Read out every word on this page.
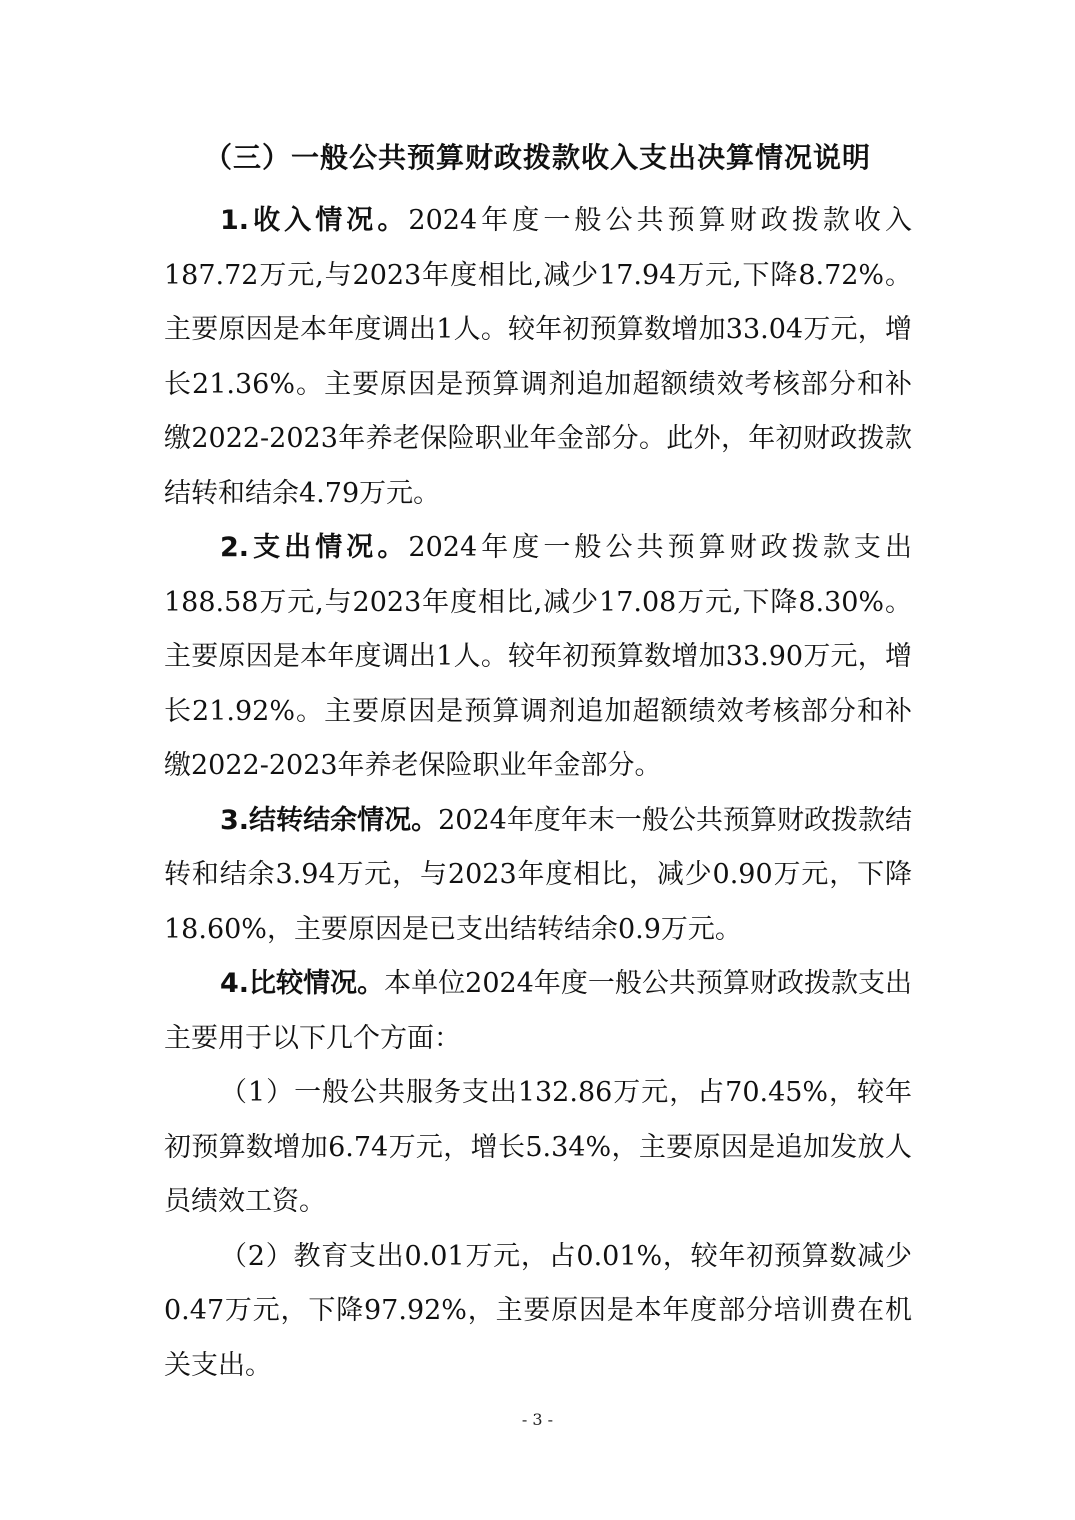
（三）一般公共预算财政拨款收入支出决算情况说明

1.收入情况。2024年度一般公共预算财政拨款收入187.72万元,与2023年度相比,减少17.94万元,下降8.72%。主要原因是本年度调出1人。较年初预算数增加33.04万元，增长21.36%。主要原因是预算调剂追加超额绩效考核部分和补缴2022-2023年养老保险职业年金部分。此外，年初财政拨款结转和结余4.79万元。

2.支出情况。2024年度一般公共预算财政拨款支出188.58万元,与2023年度相比,减少17.08万元,下降8.30%。主要原因是本年度调出1人。较年初预算数增加33.90万元，增长21.92%。主要原因是预算调剂追加超额绩效考核部分和补缴2022-2023年养老保险职业年金部分。

3.结转结余情况。2024年度年末一般公共预算财政拨款结转和结余3.94万元，与2023年度相比，减少0.90万元，下降18.60%，主要原因是已支出结转结余0.9万元。

4.比较情况。本单位2024年度一般公共预算财政拨款支出主要用于以下几个方面：

（1）一般公共服务支出132.86万元，占70.45%，较年初预算数增加6.74万元，增长5.34%，主要原因是追加发放人员绩效工资。

（2）教育支出0.01万元，占0.01%，较年初预算数减少0.47万元，下降97.92%，主要原因是本年度部分培训费在机关支出。

- 3 -
